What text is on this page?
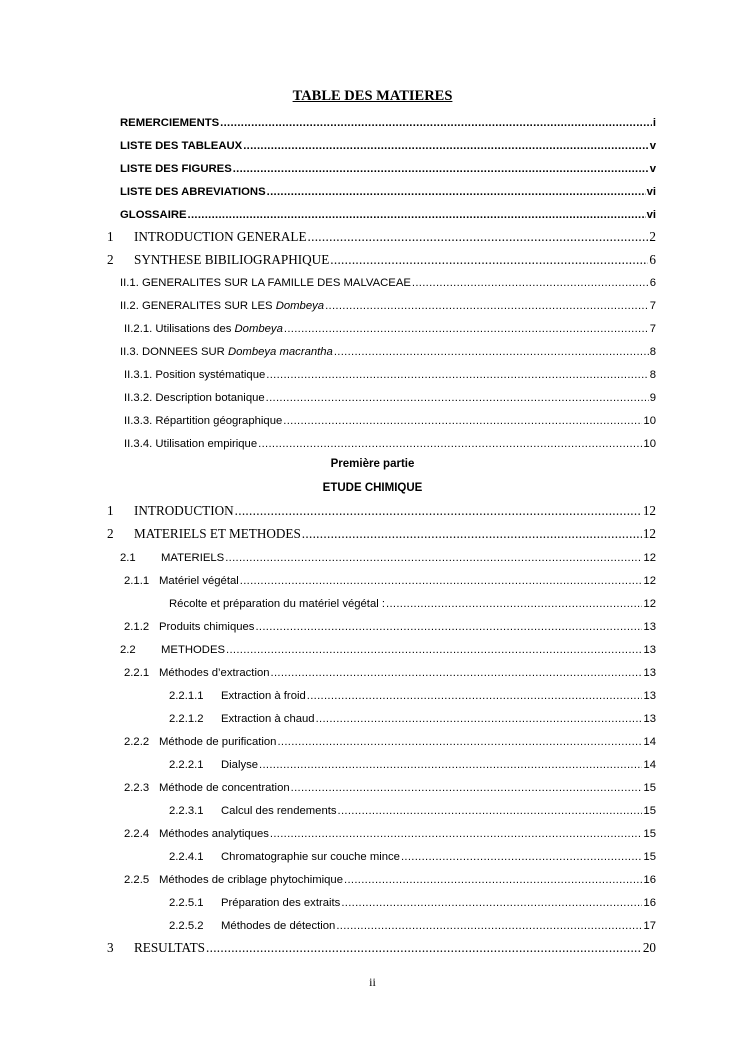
TABLE DES MATIERES
REMERCIEMENTS .....	i
LISTE DES TABLEAUX .....	v
LISTE DES FIGURES .....	v
LISTE DES ABREVIATIONS .....	vi
GLOSSAIRE .....	vi
1	INTRODUCTION GENERALE .....	2
2	SYNTHESE BIBILIOGRAPHIQUE .....	6
II.1. GENERALITES SUR LA FAMILLE DES MALVACEAE .....	6
II.2. GENERALITES SUR LES Dombeya .....	7
II.2.1. Utilisations des Dombeya .....	7
II.3. DONNEES SUR Dombeya macrantha .....	8
II.3.1. Position systématique .....	8
II.3.2. Description botanique .....	9
II.3.3. Répartition géographique .....	10
II.3.4. Utilisation empirique .....	10
1	INTRODUCTION .....	12
2	MATERIELS ET METHODES .....	12
2.1	MATERIELS .....	12
2.1.1 Matériel végétal .....	12
Récolte et préparation du matériel végétal : .....	12
2.1.2 Produits chimiques .....	13
2.2	METHODES .....	13
2.2.1 Méthodes d’extraction .....	13
2.2.1.1	Extraction à froid .....	13
2.2.1.2	Extraction à chaud .....	13
2.2.2 Méthode de purification .....	14
2.2.2.1	Dialyse .....	14
2.2.3 Méthode de concentration .....	15
2.2.3.1	Calcul des rendements .....	15
2.2.4 Méthodes analytiques .....	15
2.2.4.1	Chromatographie sur couche mince .....	15
2.2.5 Méthodes de criblage phytochimique .....	16
2.2.5.1	Préparation des extraits .....	16
2.2.5.2	Méthodes de détection .....	17
3	RESULTATS .....	20
Première partie
ETUDE CHIMIQUE
ii
